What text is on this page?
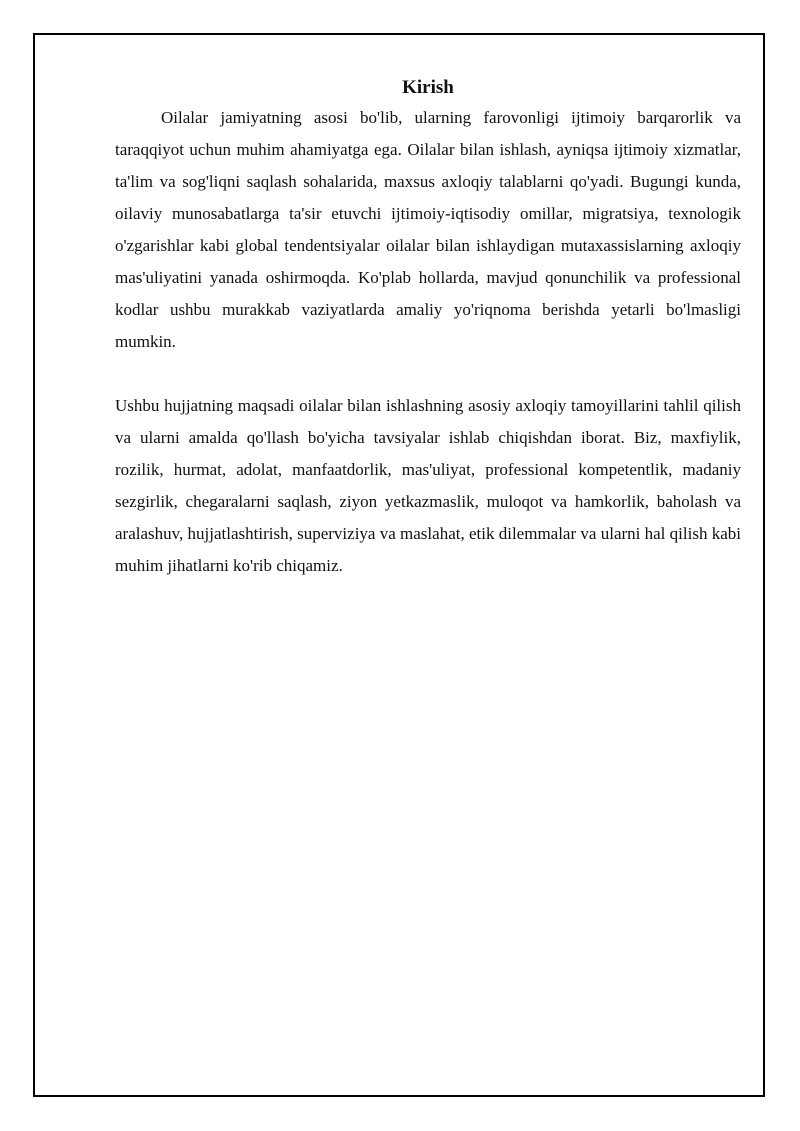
Kirish

Oilalar jamiyatning asosi bo'lib, ularning farovonligi ijtimoiy barqarorlik va taraqqiyot uchun muhim ahamiyatga ega. Oilalar bilan ishlash, ayniqsa ijtimoiy xizmatlar, ta'lim va sog'liqni saqlash sohalarida, maxsus axloqiy talablarni qo'yadi. Bugungi kunda, oilaviy munosabatlarga ta'sir etuvchi ijtimoiy-iqtisodiy omillar, migratsiya, texnologik o'zgarishlar kabi global tendentsiyalar oilalar bilan ishlaydigan mutaxassislarning axloqiy mas'uliyatini yanada oshirmoqda. Ko'plab hollarda, mavjud qonunchilik va professional kodlar ushbu murakkab vaziyatlarda amaliy yo'riqnoma berishda yetarli bo'lmasligi mumkin.

Ushbu hujjatning maqsadi oilalar bilan ishlashning asosiy axloqiy tamoyillarini tahlil qilish va ularni amalda qo'llash bo'yicha tavsiyalar ishlab chiqishdan iborat. Biz, maxfiylik, rozilik, hurmat, adolat, manfaatdorlik, mas'uliyat, professional kompetentlik, madaniy sezgirlik, chegaralarni saqlash, ziyon yetkazmaslik, muloqot va hamkorlik, baholash va aralashuv, hujjatlashtirish, superviziya va maslahat, etik dilemmalar va ularni hal qilish kabi muhim jihatlarni ko'rib chiqamiz.
